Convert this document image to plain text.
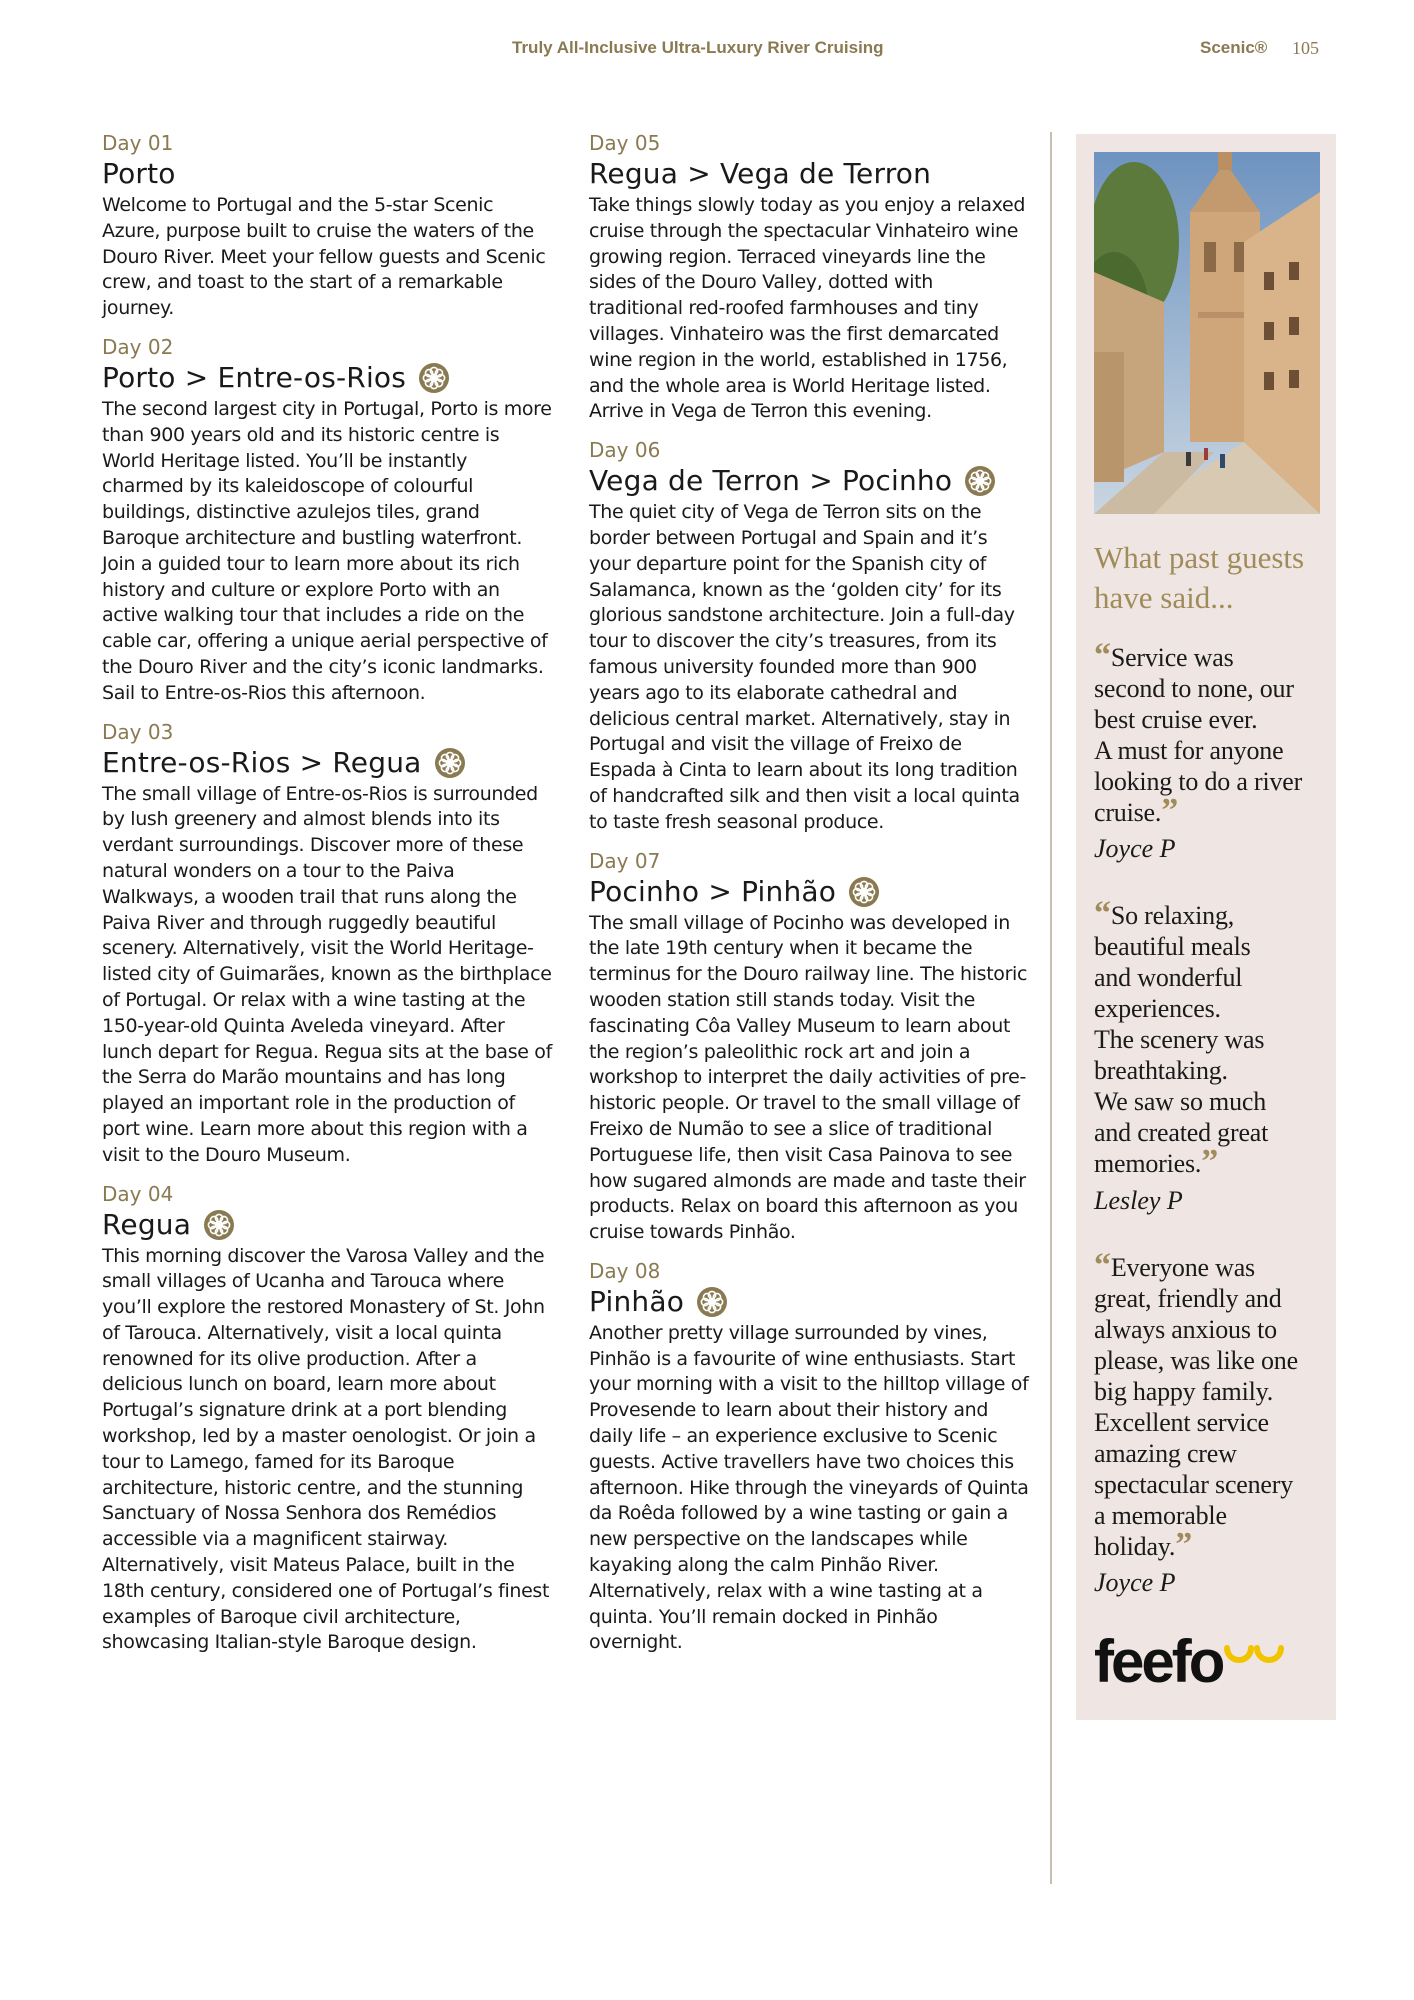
Truly All-Inclusive Ultra-Luxury River Cruising	Scenic® 105
Day 01
Porto

Welcome to Portugal and the 5-star Scenic Azure, purpose built to cruise the waters of the Douro River. Meet your fellow guests and Scenic crew, and toast to the start of a remarkable journey.

Day 02
Porto > Entre-os-Rios

The second largest city in Portugal, Porto is more than 900 years old and its historic centre is World Heritage listed. You’ll be instantly charmed by its kaleidoscope of colourful buildings, distinctive azulejos tiles, grand Baroque architecture and bustling waterfront. Join a guided tour to learn more about its rich history and culture or explore Porto with an active walking tour that includes a ride on the cable car, offering a unique aerial perspective of the Douro River and the city’s iconic landmarks. Sail to Entre-os-Rios this afternoon.

Day 03
Entre-os-Rios > Regua

The small village of Entre-os-Rios is surrounded by lush greenery and almost blends into its verdant surroundings. Discover more of these natural wonders on a tour to the Paiva Walkways, a wooden trail that runs along the Paiva River and through ruggedly beautiful scenery. Alternatively, visit the World Heritage-listed city of Guimarães, known as the birthplace of Portugal. Or relax with a wine tasting at the 150-year-old Quinta Aveleda vineyard. After lunch depart for Regua. Regua sits at the base of the Serra do Marão mountains and has long played an important role in the production of port wine. Learn more about this region with a visit to the Douro Museum.

Day 04
Regua

This morning discover the Varosa Valley and the small villages of Ucanha and Tarouca where you’ll explore the restored Monastery of St. John of Tarouca. Alternatively, visit a local quinta renowned for its olive production. After a delicious lunch on board, learn more about Portugal’s signature drink at a port blending workshop, led by a master oenologist. Or join a tour to Lamego, famed for its Baroque architecture, historic centre, and the stunning Sanctuary of Nossa Senhora dos Remédios accessible via a magnificent stairway. Alternatively, visit Mateus Palace, built in the 18th century, considered one of Portugal’s finest examples of Baroque civil architecture, showcasing Italian-style Baroque design.

Day 05
Regua > Vega de Terron

Take things slowly today as you enjoy a relaxed cruise through the spectacular Vinhateiro wine growing region. Terraced vineyards line the sides of the Douro Valley, dotted with traditional red-roofed farmhouses and tiny villages. Vinhateiro was the first demarcated wine region in the world, established in 1756, and the whole area is World Heritage listed. Arrive in Vega de Terron this evening.

Day 06
Vega de Terron > Pocinho

The quiet city of Vega de Terron sits on the border between Portugal and Spain and it’s your departure point for the Spanish city of Salamanca, known as the ‘golden city’ for its glorious sandstone architecture. Join a full-day tour to discover the city’s treasures, from its famous university founded more than 900 years ago to its elaborate cathedral and delicious central market. Alternatively, stay in Portugal and visit the village of Freixo de Espada à Cinta to learn about its long tradition of handcrafted silk and then visit a local quinta to taste fresh seasonal produce.

Day 07
Pocinho > Pinhão

The small village of Pocinho was developed in the late 19th century when it became the terminus for the Douro railway line. The historic wooden station still stands today. Visit the fascinating Côa Valley Museum to learn about the region’s paleolithic rock art and join a workshop to interpret the daily activities of pre-historic people. Or travel to the small village of Freixo de Numão to see a slice of traditional Portuguese life, then visit Casa Painova to see how sugared almonds are made and taste their products. Relax on board this afternoon as you cruise towards Pinhão.

Day 08
Pinhão

Another pretty village surrounded by vines, Pinhão is a favourite of wine enthusiasts. Start your morning with a visit to the hilltop village of Provesende to learn about their history and daily life – an experience exclusive to Scenic guests. Active travellers have two choices this afternoon. Hike through the vineyards of Quinta da Roêda followed by a wine tasting or gain a new perspective on the landscapes while kayaking along the calm Pinhão River. Alternatively, relax with a wine tasting at a quinta. You’ll remain docked in Pinhão overnight.

What past guests have said...
“Service was
second to none, our
best cruise ever.
A must for anyone
looking to do a river
cruise.”
Joyce P
“So relaxing,
beautiful meals
and wonderful
experiences.
The scenery was
breathtaking.
We saw so much
and created great
memories.”
Lesley P
“Everyone was
great, friendly and
always anxious to
please, was like one
big happy family.
Excellent service
amazing crew
spectacular scenery
a memorable
holiday.”
Joyce P
feefo
